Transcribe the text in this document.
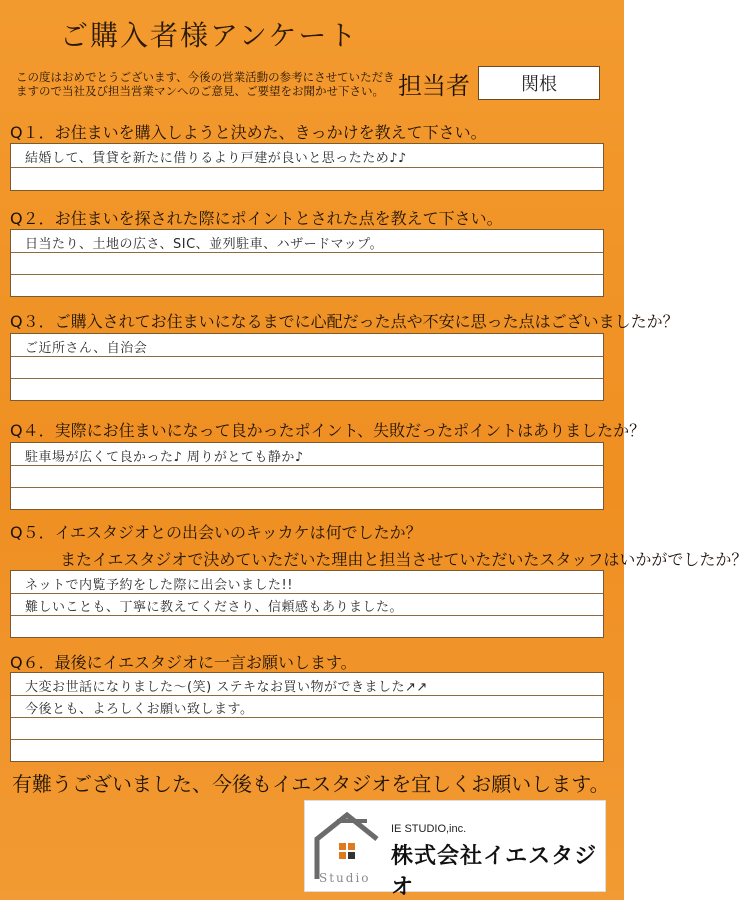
ご購入者様アンケート
この度はおめでとうございます、今後の営業活動の参考にさせていただきますので当社及び担当営業マンへのご意見、ご要望をお聞かせ下さい。 担当者	関根
Q１．お住まいを購入しようと決めた、きっかけを教えて下さい。
結婚して、賃貸を新たに借りるより戸建が良いと思ったため♪♪
Q２．お住まいを探された際にポイントとされた点を教えて下さい。
日当たり、土地の広さ、SIC、並列駐車、ハザードマップ。
Q３．ご購入されてお住まいになるまでに心配だった点や不安に思った点はございましたか？
ご近所さん、自治会
Q４．実際にお住まいになって良かったポイント、失敗だったポイントはありましたか？
駐車場が広くて良かった♪ 周りがとても静か♪
Q５．イエスタジオとの出会いのキッカケは何でしたか？
またイエスタジオで決めていただいた理由と担当させていただいたスタッフはいかがでしたか？
ネットで内覧予約をした際に出会いました!!
難しいことも、丁寧に教えてくださり、信頼感もありました。
Q６．最後にイエスタジオに一言お願いします。
大変お世話になりました〜(笑) ステキなお買い物ができました↗↗
今後とも、よろしくお願い致します。
有難うございました、今後もイエスタジオを宜しくお願いします。
IE STUDIO,inc.
株式会社イエスタジオ
Studio
